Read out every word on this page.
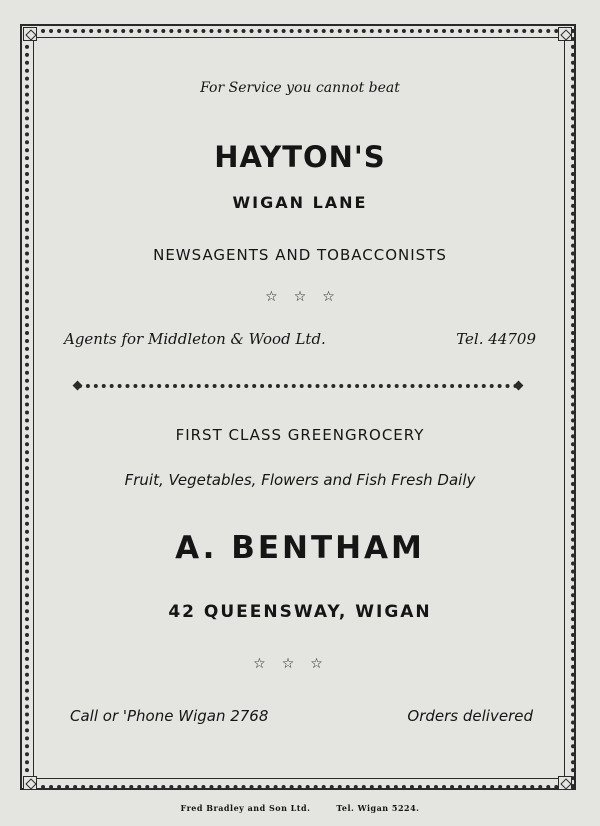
For Service you cannot beat
HAYTON'S
WIGAN LANE
NEWSAGENTS AND TOBACCONISTS
☆☆☆
Agents for Middleton & Wood Ltd.	Tel. 44709
FIRST CLASS GREENGROCERY
Fruit, Vegetables, Flowers and Fish Fresh Daily
A. BENTHAM
42 QUEENSWAY, WIGAN
☆☆☆
Call or 'Phone Wigan 2768	Orders delivered
Fred Bradley and Son Ltd.	Tel. Wigan 5224.
